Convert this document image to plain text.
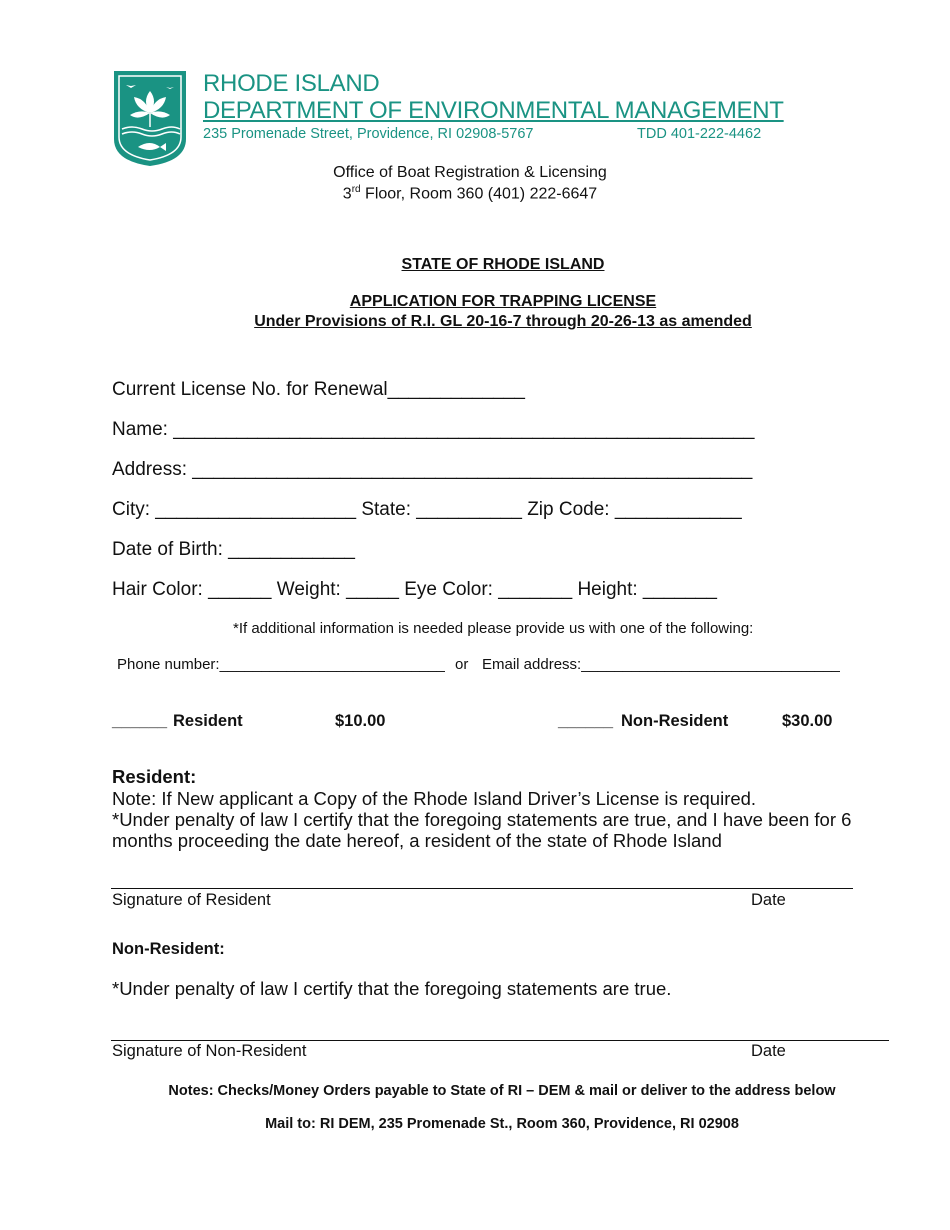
RHODE ISLAND
DEPARTMENT OF ENVIRONMENTAL MANAGEMENT
235 Promenade Street, Providence, RI 02908-5767	TDD 401-222-4462
Office of Boat Registration & Licensing
3rd Floor, Room 360 (401) 222-6647
STATE OF RHODE ISLAND
APPLICATION FOR TRAPPING LICENSE
Under Provisions of R.I. GL 20-16-7 through 20-26-13 as amended
Current License No. for Renewal_____________
Name: _______________________________________________________
Address: _____________________________________________________
City: ___________________ State: __________ Zip Code: ____________
Date of Birth: ____________
Hair Color: ______ Weight: _____ Eye Color: _______ Height: _______
*If additional information is needed please provide us with one of the following:
Phone number:___________________________ or Email address:_______________________________
______ Resident	$10.00	______ Non-Resident	$30.00
Resident:
Note: If New applicant a Copy of the Rhode Island Driver’s License is required.
*Under penalty of law I certify that the foregoing statements are true, and I have been for 6
months proceeding the date hereof, a resident of the state of Rhode Island
Signature of Resident	Date
Non-Resident:
*Under penalty of law I certify that the foregoing statements are true.
Signature of Non-Resident	Date
Notes: Checks/Money Orders payable to State of RI – DEM & mail or deliver to the address below
Mail to: RI DEM, 235 Promenade St., Room 360, Providence, RI 02908
